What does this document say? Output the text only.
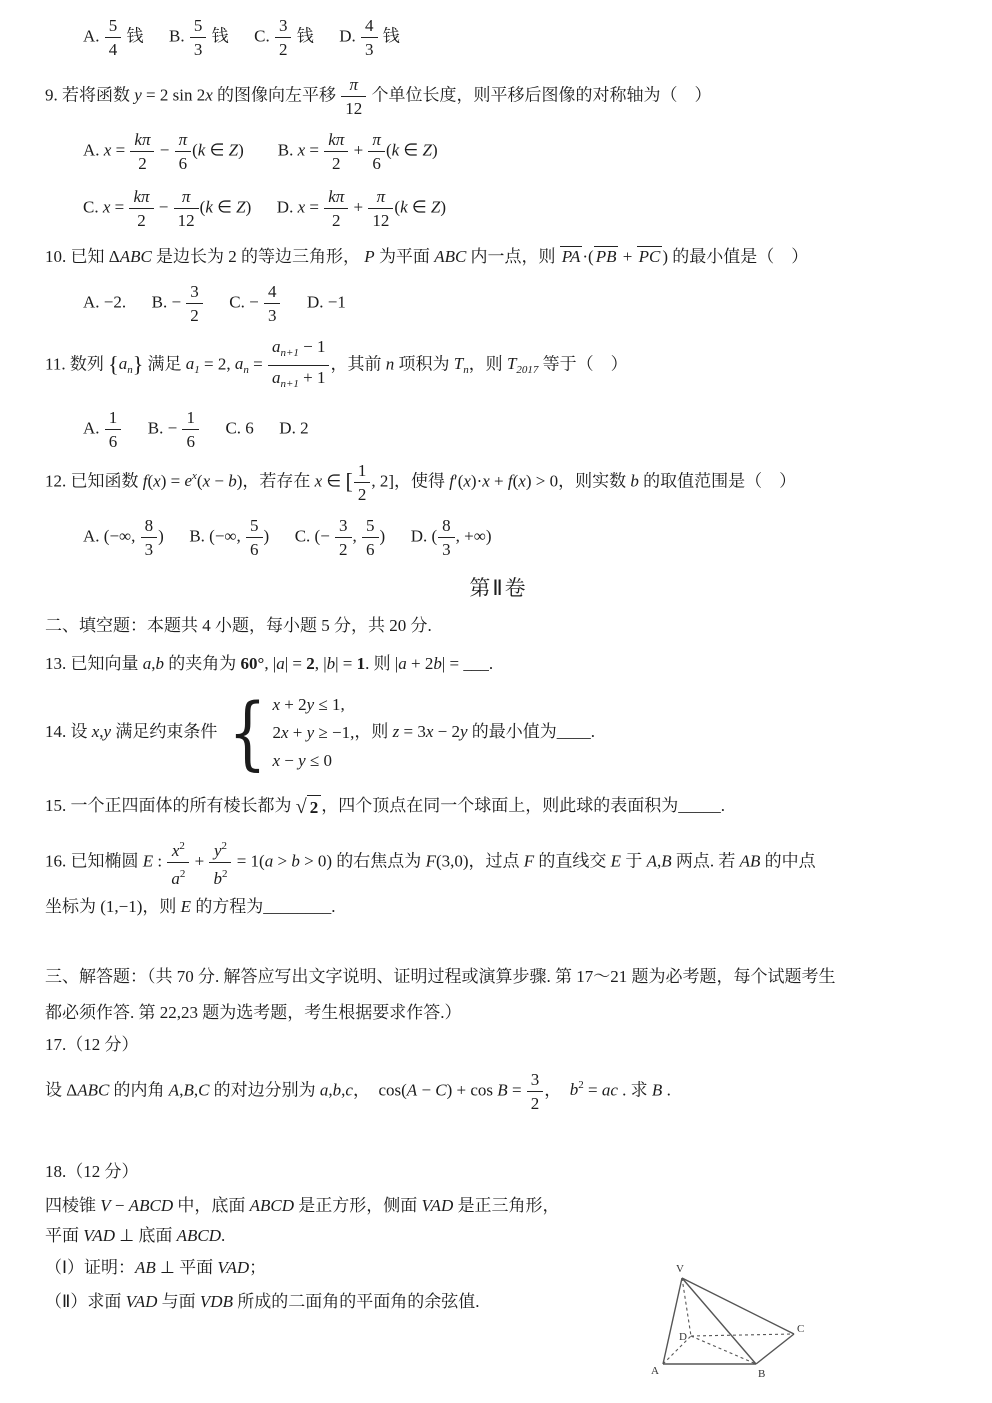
A. $\frac{5}{4}$ 钱      B. $\frac{5}{3}$ 钱      C. $\frac{3}{2}$ 钱      D. $\frac{4}{3}$ 钱
9. 若将函数 y = 2 sin 2x 的图像向左平移 $\frac{\pi}{12}$ 个单位长度，则平移后图像的对称轴为（　）
A. $x = \frac{k\pi}{2} - \frac{\pi}{6} (k$ ∈ Z)        B. $x = \frac{k\pi}{2} + \frac{\pi}{6} (k$ ∈ Z)
C. $x = \frac{k\pi}{2} - \frac{\pi}{12} (k$ ∈ Z)      D. $x = \frac{k\pi}{2} + \frac{\pi}{12} (k$ ∈ Z)
10. 已知 ΔABC 是边长为 2 的等边三角形， P 为平面 ABC 内一点，则 PA ·( PB + PC ) 的最小值是（　）
A. −2.      B. − $\frac{3}{2} C$. − $\frac{4}{3} D$. −1
11. 数列 $\{a_n\}$ 满足 $a_1 = 2$, $a_n = \frac{a_{n+1} - 1}{a_{n+1} + 1}$ ，其前 n 项积为 $T_n$，则 $T_{2017}$ 等于（　）
A. $\frac{1}{6} B$. − $\frac{1}{6} C$. 6      D. 2
12. 已知函数 $f(x) = e^x(x - b)$，若存在 x ∈ [ $\frac{1}{2}$ , 2]，使得 f′(x)·x + f(x) > 0，则实数 b 的取值范围是（　）
A. (−∞, $\frac{8}{3}$ )      B. (−∞, $\frac{5}{6}$ )      C. (− $\frac{3}{2}$ , $\frac{5}{6}$ )      D. ( $\frac{8}{3}$ , +∞)
第Ⅱ卷
二、填空题：本题共 4 小题，每小题 5 分，共 20 分.
13. 已知向量 a,b 的夹角为 60°, |a| = 2, |b| = 1. 则 |a + 2b| = ___.
14. 设 x,y 满足约束条件 { x + 2y ≤ 1,
2x + y ≥ −1,
x − y ≤ 0
，则 z = 3x − 2y 的最小值为____.
15. 一个正四面体的所有棱长都为 √ 2 ，四个顶点在同一个球面上，则此球的表面积为_____.
16. 已知椭圆 E : $\frac{x^2}{a^2} + \frac{y^2}{b^2} = 1(a > b > 0)$ 的右焦点为 F(3,0)，过点 F 的直线交 E 于 A,B 两点. 若 AB 的中点
坐标为 (1,−1)，则 E 的方程为________.
三、解答题：（共 70 分. 解答应写出文字说明、证明过程或演算步骤. 第 17～21 题为必考题，每个试题考生
都必须作答. 第 22,23 题为选考题，考生根据要求作答.）
17.（12 分）
设 ΔABC 的内角 A,B,C 的对边分别为 a,b,c，  $\cos(A - C) + \cos B = \frac{3}{2}$ ，  $b^2$ = ac . 求 B .
18.（12 分）
四棱锥 V − ABCD 中，底面 ABCD 是正方形，侧面 VAD 是正三角形，
平面 VAD ⊥ 底面 ABCD.
（Ⅰ）证明：AB ⊥ 平面 VAD；
（Ⅱ）求面 VAD 与面 VDB 所成的二面角的平面角的余弦值.
V
A	B
C
D
